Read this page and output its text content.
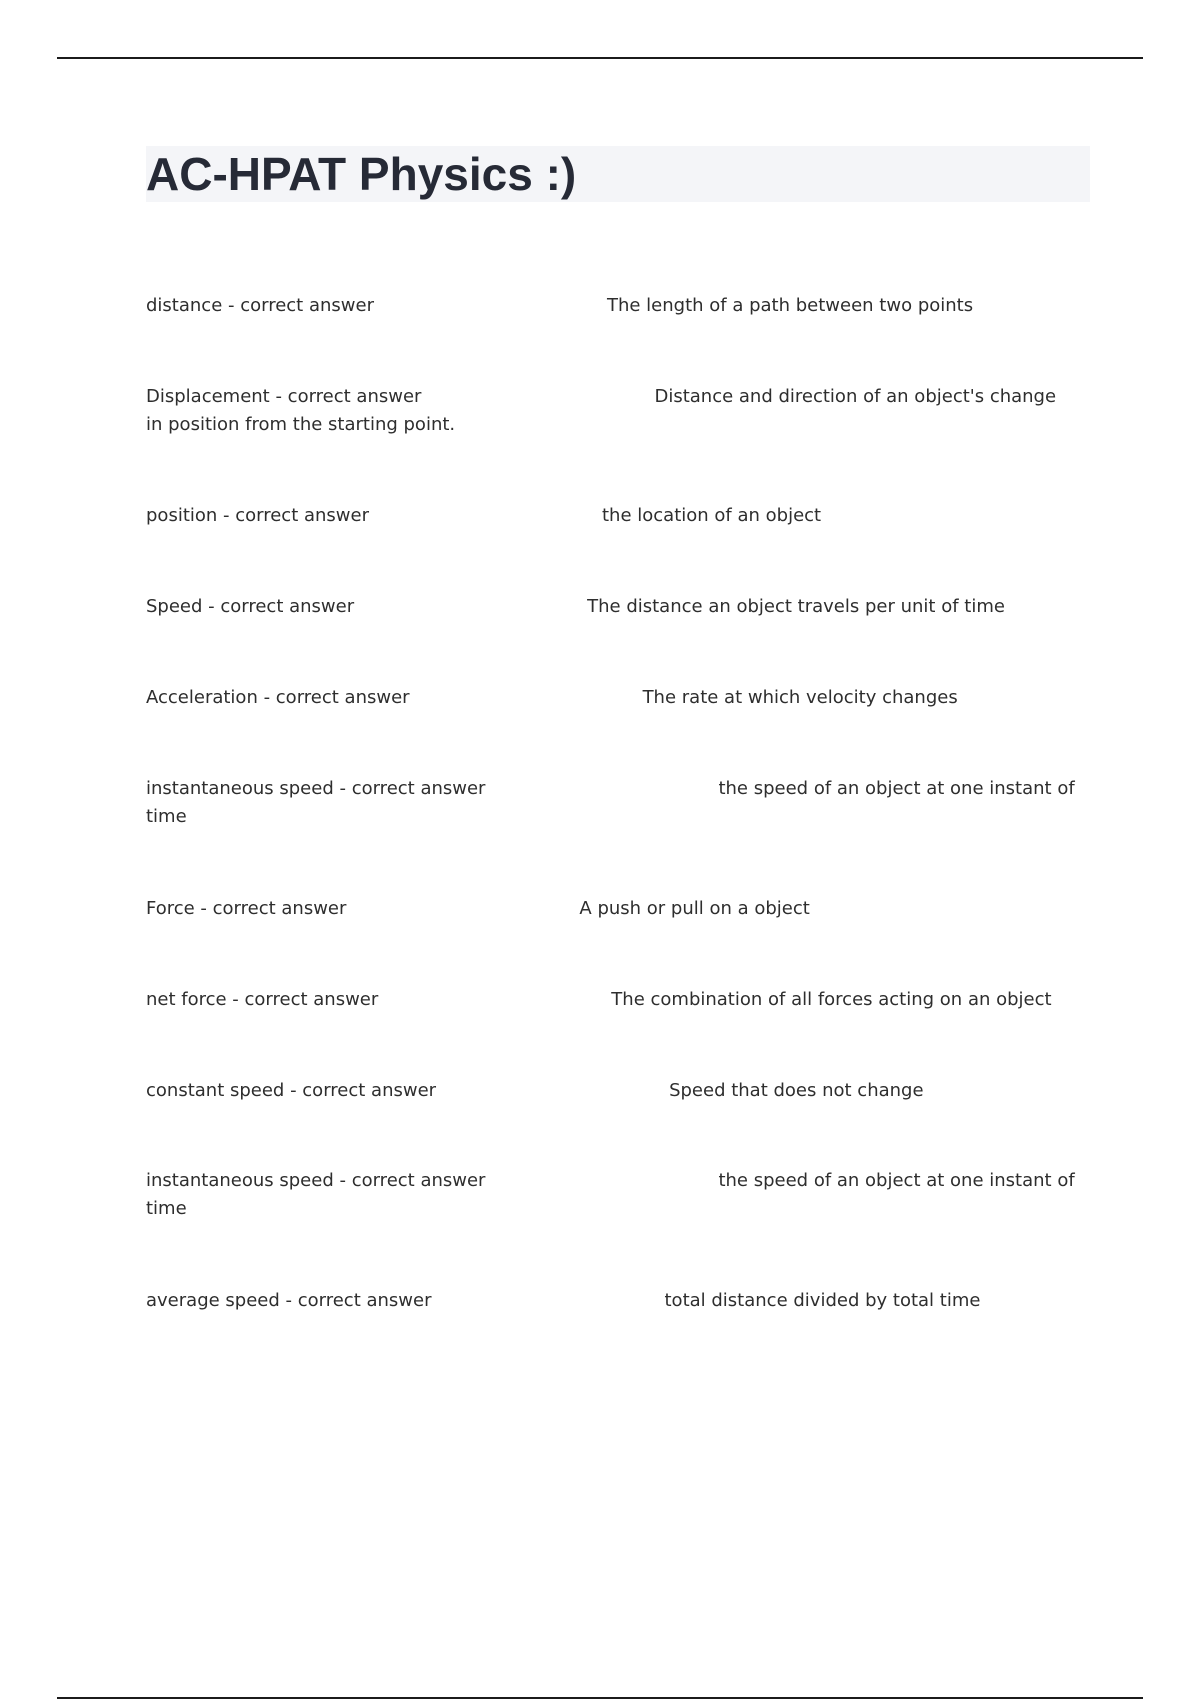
AC-HPAT Physics :)
distance - correct answer	The length of a path between two points
Displacement - correct answer	Distance and direction of an object's change in position from the starting point.
position - correct answer	the location of an object
Speed - correct answer	The distance an object travels per unit of time
Acceleration - correct answer	The rate at which velocity changes
instantaneous speed - correct answer	the speed of an object at one instant of time
Force - correct answer	A push or pull on a object
net force - correct answer	The combination of all forces acting on an object
constant speed - correct answer	Speed that does not change
instantaneous speed - correct answer	the speed of an object at one instant of time
average speed - correct answer	total distance divided by total time
